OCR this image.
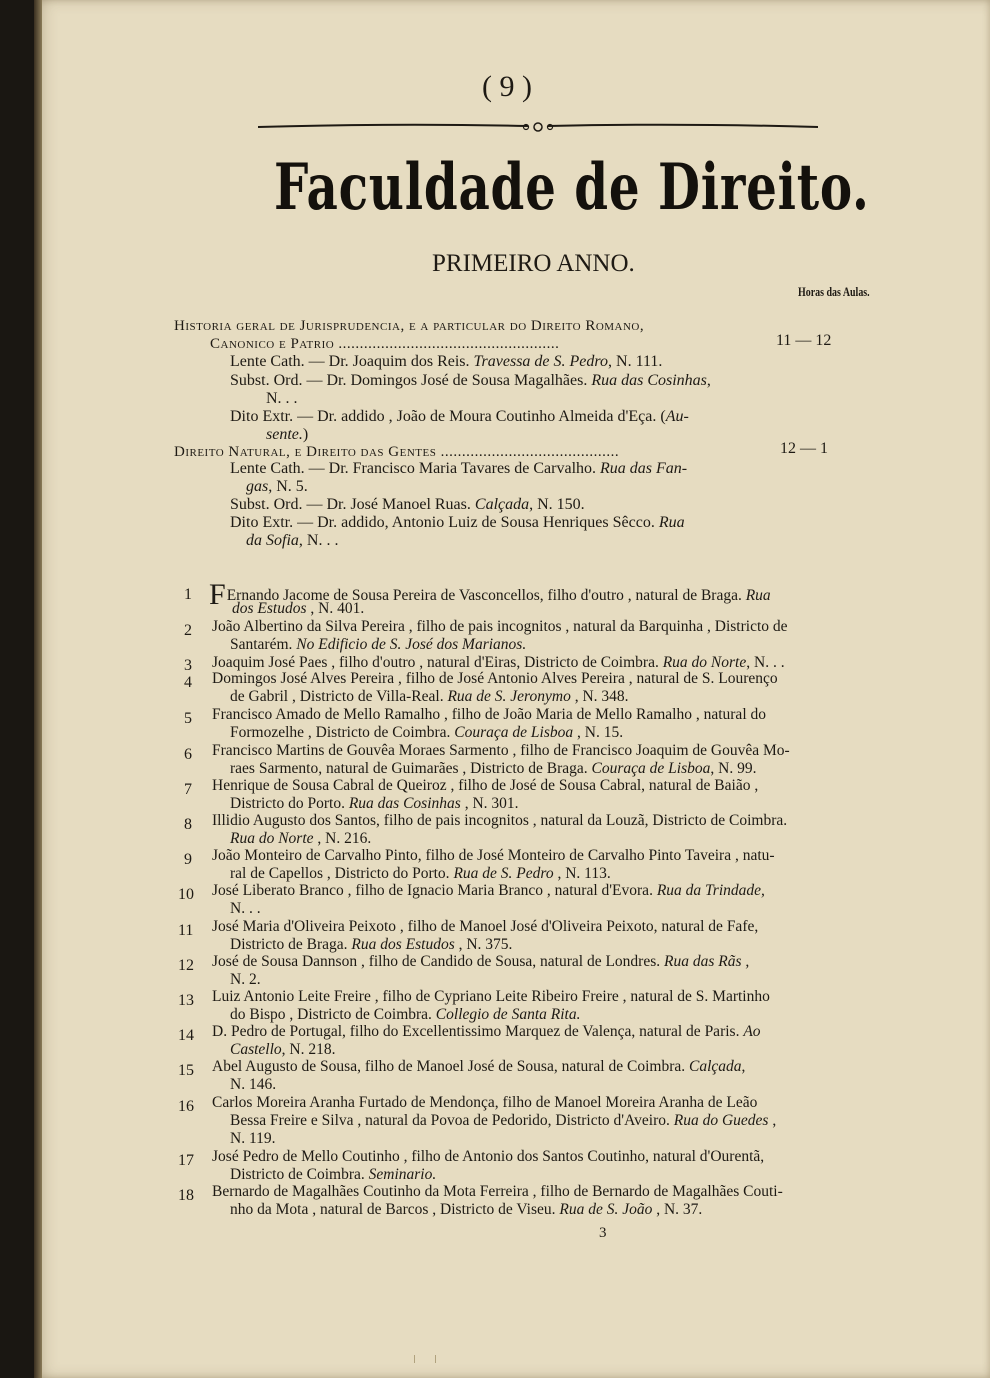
( 9 )
Faculdade de Direito.
PRIMEIRO ANNO.
Horas das Aulas.
Historia geral de Jurisprudencia, e a particular do Direito Romano,
Canonico e Patrio ....................................................	11 — 12
Lente Cath. — Dr. Joaquim dos Reis. Travessa de S. Pedro, N. 111.
Subst. Ord. — Dr. Domingos José de Sousa Magalhães. Rua das Cosinhas,
N. . .
Dito Extr. — Dr. addido , João de Moura Coutinho Almeida d'Eça. (Au-
sente.)
Direito Natural, e Direito das Gentes ..........................................	12 — 1
Lente Cath. — Dr. Francisco Maria Tavares de Carvalho. Rua das Fan-
gas, N. 5.
Subst. Ord. — Dr. José Manoel Ruas. Calçada, N. 150.
Dito Extr. — Dr. addido, Antonio Luiz de Sousa Henriques Sêcco. Rua
da Sofia, N. . .
1 FErnando Jacome de Sousa Pereira de Vasconcellos, filho d'outro , natural de Braga. Rua
dos Estudos , N. 401.
2 João Albertino da Silva Pereira , filho de pais incognitos , natural da Barquinha , Districto de
Santarém. No Edificio de S. José dos Marianos.
3 Joaquim José Paes , filho d'outro , natural d'Eiras, Districto de Coimbra. Rua do Norte, N. . .
4 Domingos José Alves Pereira , filho de José Antonio Alves Pereira , natural de S. Lourenço
de Gabril , Districto de Villa-Real. Rua de S. Jeronymo , N. 348.
5 Francisco Amado de Mello Ramalho , filho de João Maria de Mello Ramalho , natural do
Formozelhe , Districto de Coimbra. Couraça de Lisboa , N. 15.
6 Francisco Martins de Gouvêa Moraes Sarmento , filho de Francisco Joaquim de Gouvêa Mo-
raes Sarmento, natural de Guimarães , Districto de Braga. Couraça de Lisboa, N. 99.
7 Henrique de Sousa Cabral de Queiroz , filho de José de Sousa Cabral, natural de Baião ,
Districto do Porto. Rua das Cosinhas , N. 301.
8 Illidio Augusto dos Santos, filho de pais incognitos , natural da Louzã, Districto de Coimbra.
Rua do Norte , N. 216.
9 João Monteiro de Carvalho Pinto, filho de José Monteiro de Carvalho Pinto Taveira , natu-
ral de Capellos , Districto do Porto. Rua de S. Pedro , N. 113.
10 José Liberato Branco , filho de Ignacio Maria Branco , natural d'Evora. Rua da Trindade,
N. . .
11 José Maria d'Oliveira Peixoto , filho de Manoel José d'Oliveira Peixoto, natural de Fafe,
Districto de Braga. Rua dos Estudos , N. 375.
12 José de Sousa Dannson , filho de Candido de Sousa, natural de Londres. Rua das Rãs ,
N. 2.
13 Luiz Antonio Leite Freire , filho de Cypriano Leite Ribeiro Freire , natural de S. Martinho
do Bispo , Districto de Coimbra. Collegio de Santa Rita.
14 D. Pedro de Portugal, filho do Excellentissimo Marquez de Valença, natural de Paris. Ao
Castello, N. 218.
15 Abel Augusto de Sousa, filho de Manoel José de Sousa, natural de Coimbra. Calçada,
N. 146.
16 Carlos Moreira Aranha Furtado de Mendonça, filho de Manoel Moreira Aranha de Leão
Bessa Freire e Silva , natural da Povoa de Pedorido, Districto d'Aveiro. Rua do Guedes ,
N. 119.
17 José Pedro de Mello Coutinho , filho de Antonio dos Santos Coutinho, natural d'Ourentã,
Districto de Coimbra. Seminario.
18 Bernardo de Magalhães Coutinho da Mota Ferreira , filho de Bernardo de Magalhães Couti-
nho da Mota , natural de Barcos , Districto de Viseu. Rua de S. João , N. 37.
3
